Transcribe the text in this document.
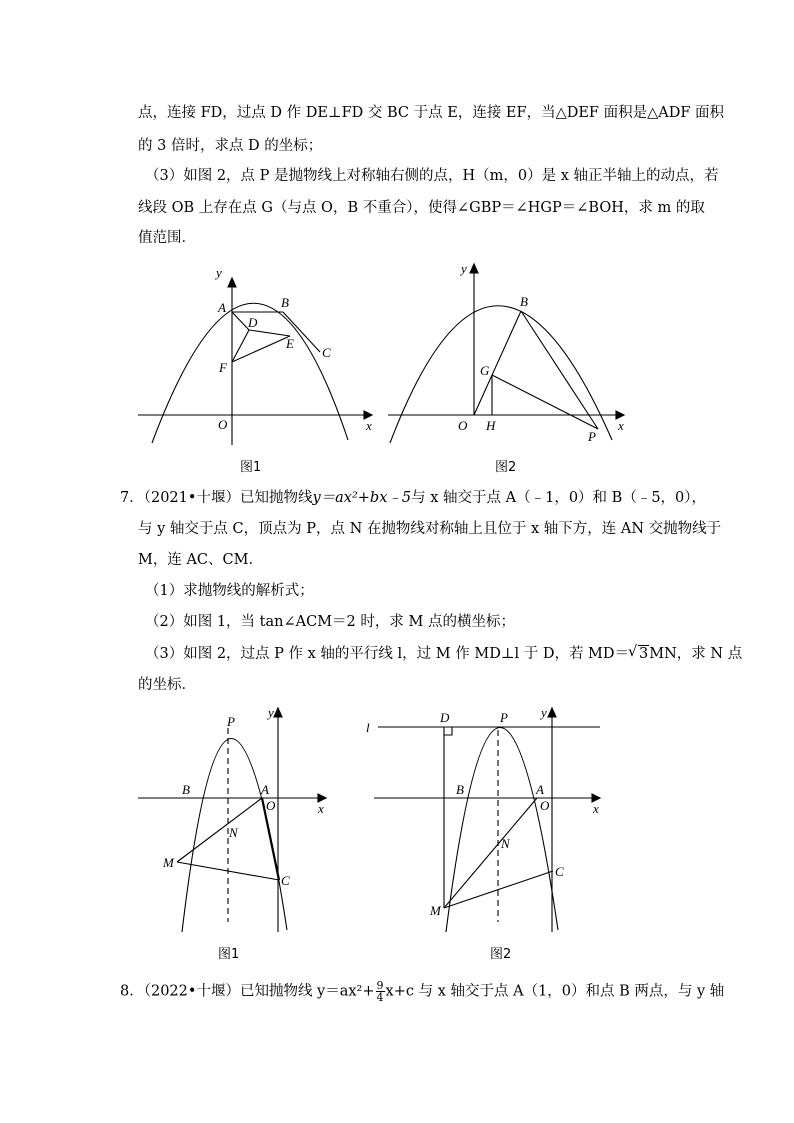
点，连接 FD，过点 D 作 DE⊥FD 交 BC 于点 E，连接 EF，当△DEF 面积是△ADF 面积
的 3 倍时，求点 D 的坐标；
（3）如图 2，点 P 是抛物线上对称轴右侧的点，H（m，0）是 x 轴正半轴上的动点，若
线段 OB 上存在点 G（与点 O，B 不重合），使得∠GBP＝∠HGP＝∠BOH，求 m 的取
值范围．
y
x
A	B
D
E
C
F
O
图1
y
x
B
G
O H
P
图2
7．（2021•十堰）已知抛物线y＝ax²+bx﹣5与 x 轴交于点 A（﹣1，0）和 B（﹣5，0），
与 y 轴交于点 C，顶点为 P，点 N 在抛物线对称轴上且位于 x 轴下方，连 AN 交抛物线于
M，连 AC、CM．
（1）求抛物线的解析式；
（2）如图 1，当 tan∠ACM＝2 时，求 M 点的横坐标；
（3）如图 2，过点 P 作 x 轴的平行线 l，过 M 作 MD⊥l 于 D，若 MD＝√ 3MN，求 N 点
的坐标．
P
y
B	A
O	x
N
M
C
图1
l
D	P	y
B	A
O	x
N
C
M
图2
8．（2022•十堰）已知抛物线 $y=ax^2+ \frac{9}{4} x+c$ 与 x 轴交于点 A（1，0）和点 B 两点，与 y 轴
